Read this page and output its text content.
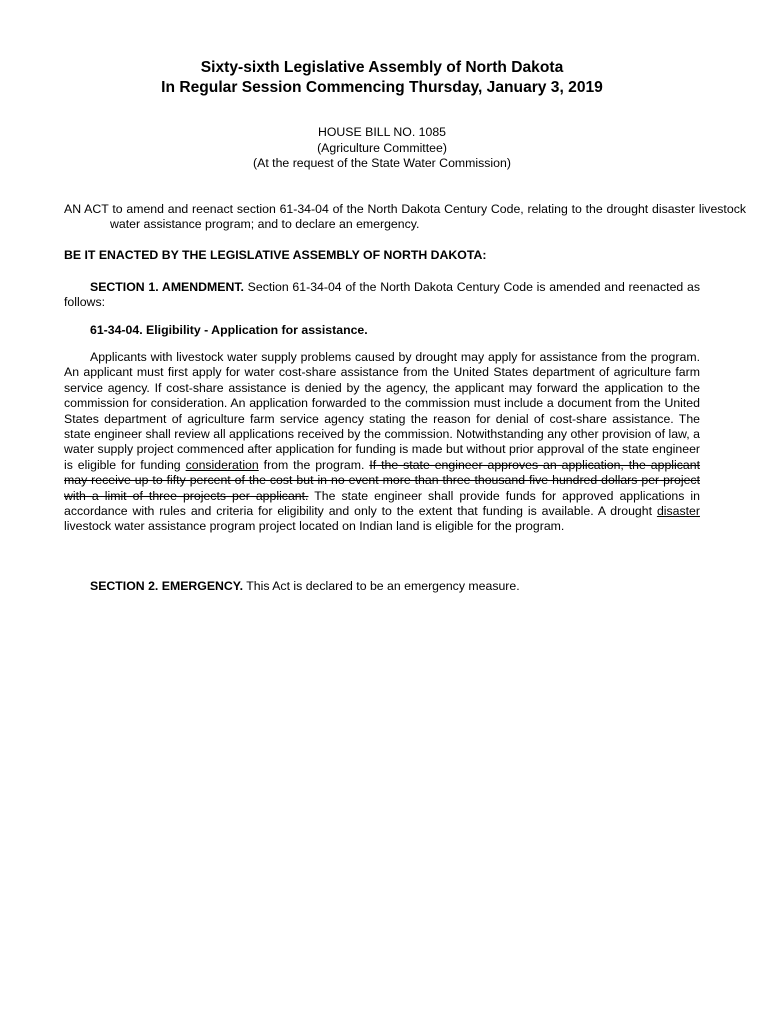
Sixty-sixth Legislative Assembly of North Dakota
In Regular Session Commencing Thursday, January 3, 2019
HOUSE BILL NO. 1085
(Agriculture Committee)
(At the request of the State Water Commission)
AN ACT to amend and reenact section 61-34-04 of the North Dakota Century Code, relating to the drought disaster livestock water assistance program; and to declare an emergency.
BE IT ENACTED BY THE LEGISLATIVE ASSEMBLY OF NORTH DAKOTA:
SECTION 1. AMENDMENT. Section 61-34-04 of the North Dakota Century Code is amended and reenacted as follows:
61-34-04. Eligibility - Application for assistance.
Applicants with livestock water supply problems caused by drought may apply for assistance from the program. An applicant must first apply for water cost-share assistance from the United States department of agriculture farm service agency. If cost-share assistance is denied by the agency, the applicant may forward the application to the commission for consideration. An application forwarded to the commission must include a document from the United States department of agriculture farm service agency stating the reason for denial of cost-share assistance. The state engineer shall review all applications received by the commission. Notwithstanding any other provision of law, a water supply project commenced after application for funding is made but without prior approval of the state engineer is eligible for funding consideration from the program. If the state engineer approves an application, the applicant may receive up to fifty percent of the cost but in no event more than three thousand five hundred dollars per project with a limit of three projects per applicant. The state engineer shall provide funds for approved applications in accordance with rules and criteria for eligibility and only to the extent that funding is available. A drought disaster livestock water assistance program project located on Indian land is eligible for the program.
SECTION 2. EMERGENCY. This Act is declared to be an emergency measure.
